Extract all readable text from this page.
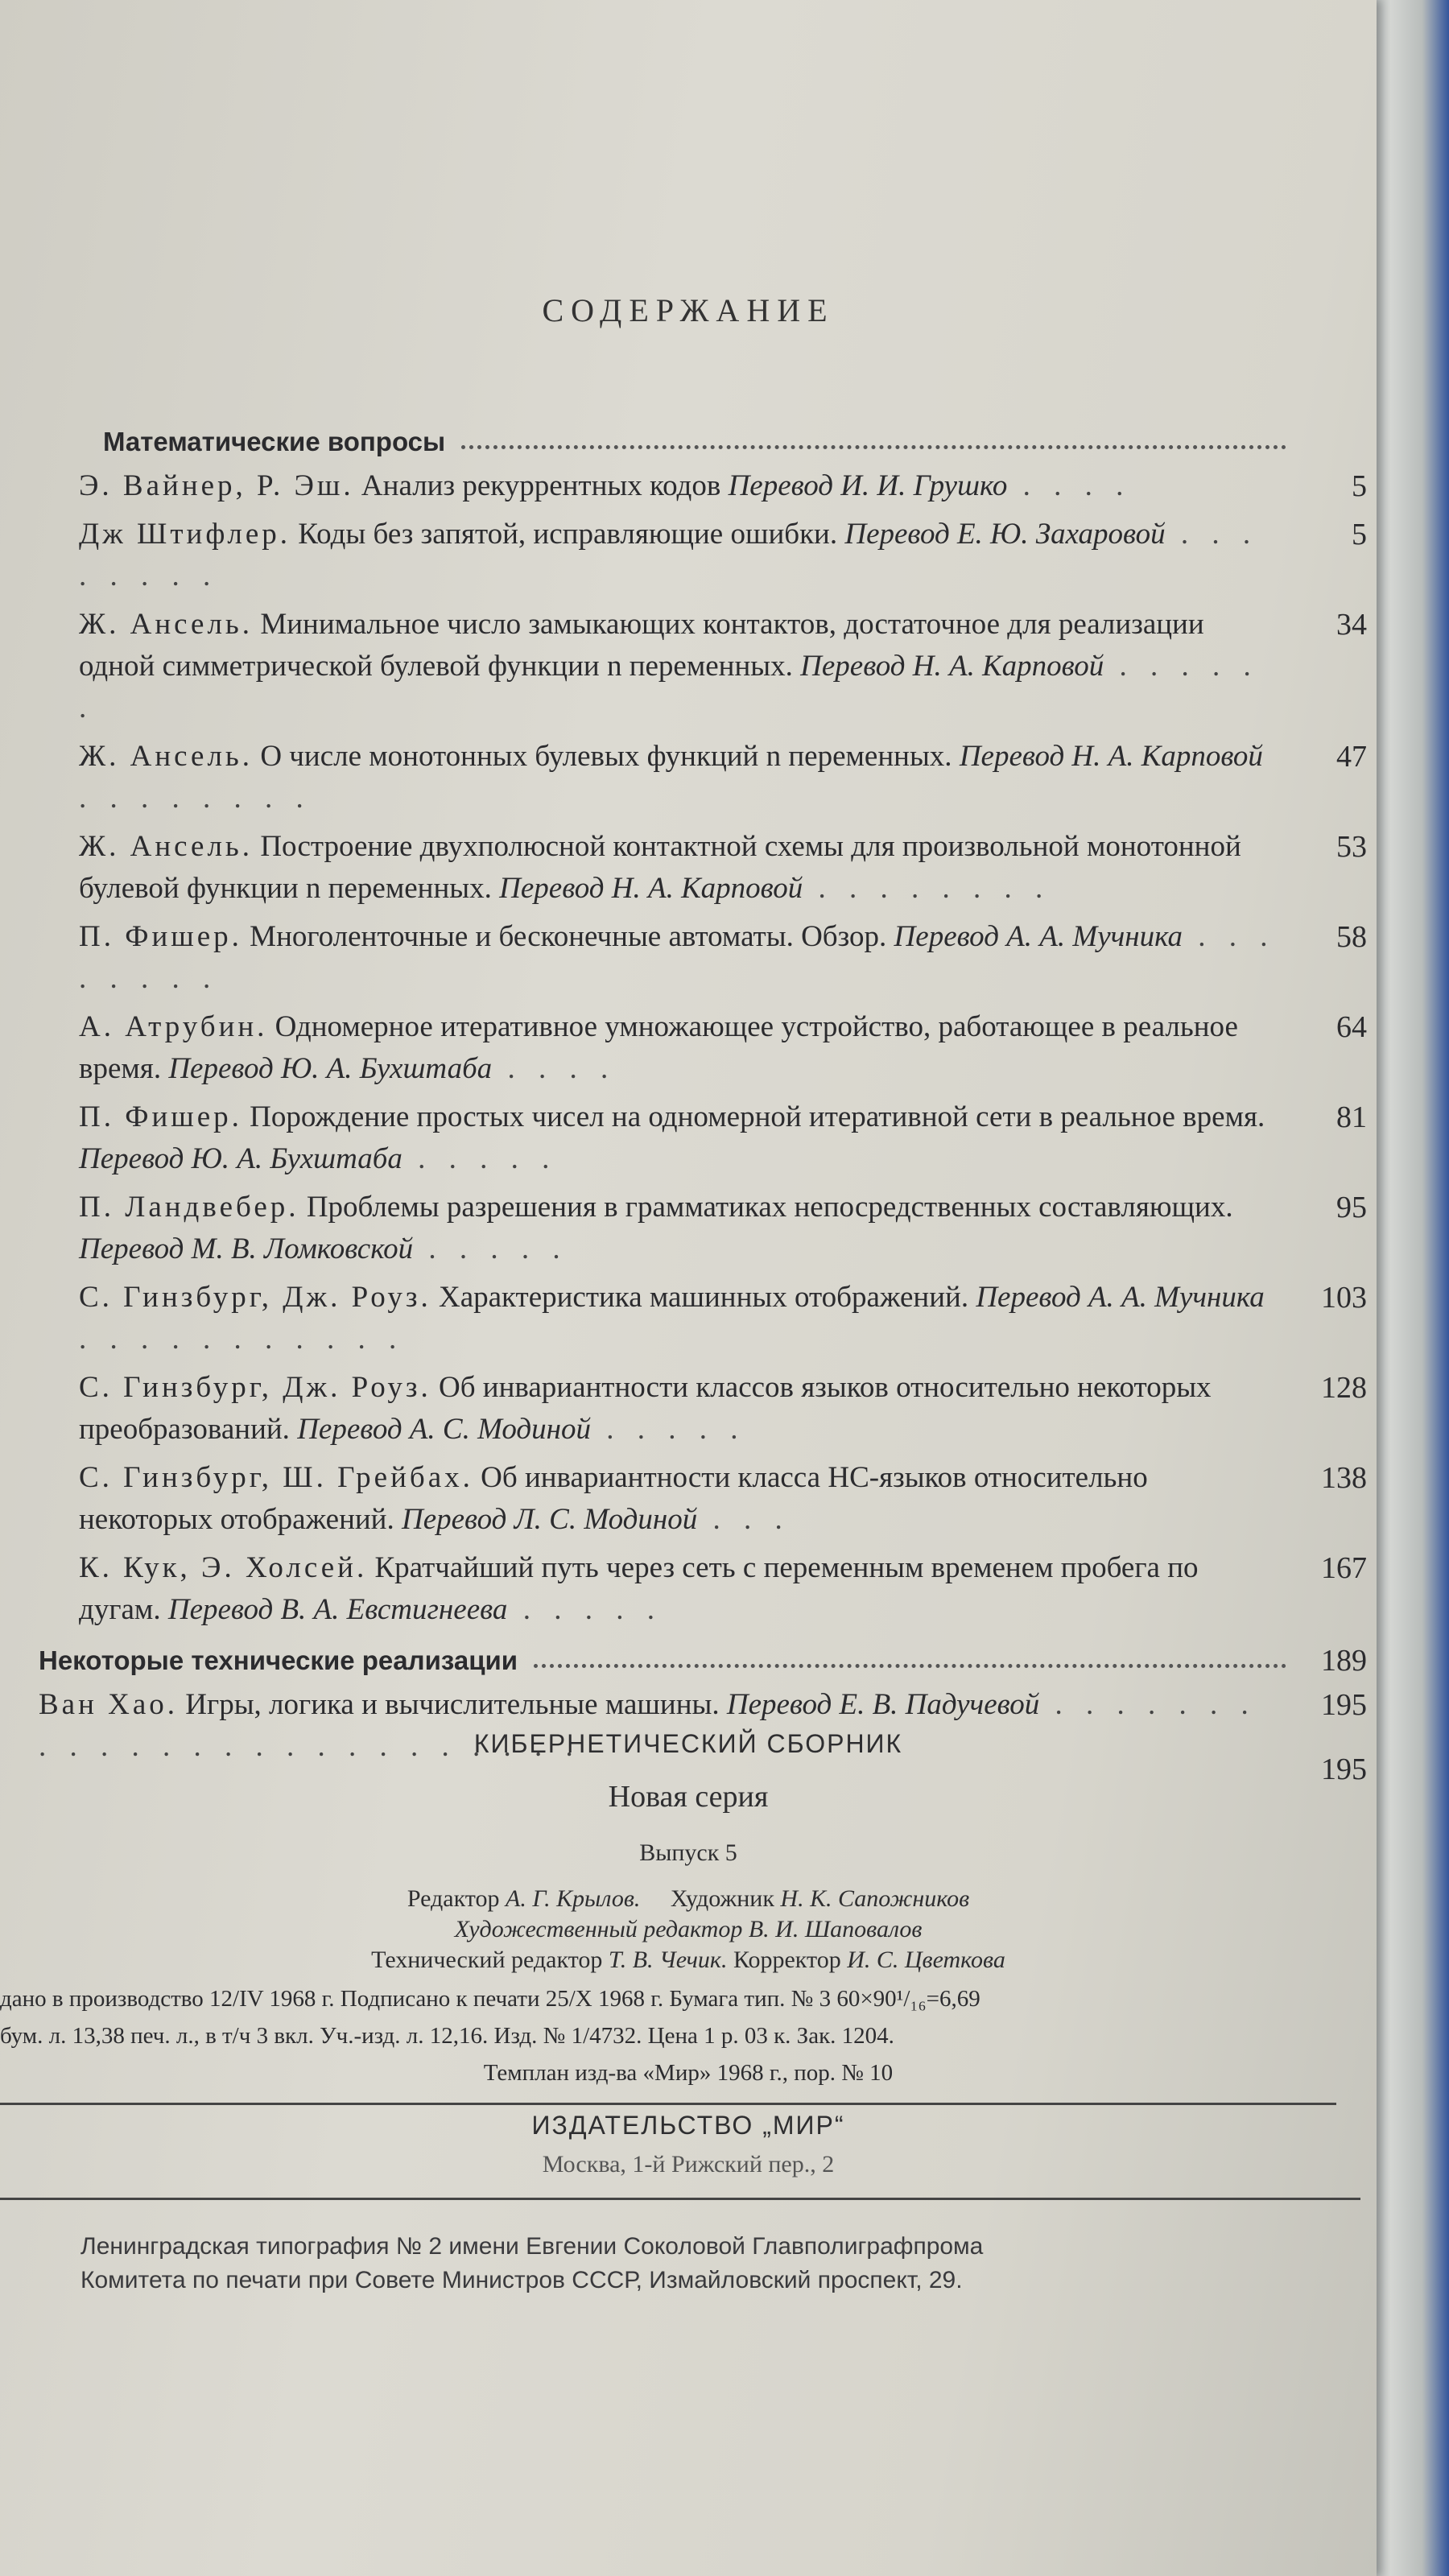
СОДЕРЖАНИЕ
Математические вопросы
Э. Вайнер, Р. Эш. Анализ рекуррентных кодов Перевод И. И. Грушко . . . .	5
Дж Штифлер. Коды без запятой, исправляющие ошибки. Перевод Е. Ю. Захаровой . . . . . . . .
5
Ж. Ансель. Минимальное число замыкающих контактов, достаточное для реализации одной симметрической булевой функции n переменных. Перевод Н. А. Карповой . . . . . .
34
Ж. Ансель. О числе монотонных булевых функций n переменных. Перевод Н. А. Карповой . . . . . . . .
47
Ж. Ансель. Построение двухполюсной контактной схемы для произвольной монотонной булевой функции n переменных. Перевод Н. А. Карповой . . . . . . . .
53
П. Фишер. Многоленточные и бесконечные автоматы. Обзор. Перевод А. А. Мучника . . . . . . . .
58
А. Атрубин. Одномерное итеративное умножающее устройство, работающее в реальное время. Перевод Ю. А. Бухштаба . . . .
64
П. Фишер. Порождение простых чисел на одномерной итеративной сети в реальное время. Перевод Ю. А. Бухштаба . . . . .
81
П. Ландвебер. Проблемы разрешения в грамматиках непосредственных составляющих. Перевод М. В. Ломковской . . . . .
95
С. Гинзбург, Дж. Роуз. Характеристика машинных отображений. Перевод А. А. Мучника . . . . . . . . . . .
103
С. Гинзбург, Дж. Роуз. Об инвариантности классов языков относительно некоторых преобразований. Перевод А. С. Модиной . . . . .
128
С. Гинзбург, Ш. Грейбах. Об инвариантности класса НС-языков относительно некоторых отображений. Перевод Л. С. Модиной . . .
138
К. Кук, Э. Холсей. Кратчайший путь через сеть с переменным временем пробега по дугам. Перевод В. А. Евстигнеева . . . . .
167
Некоторые технические реализации	189
Ван Хао. Игры, логика и вычислительные машины. Перевод Е. В. Падучевой . . . . . . . . . . . . . . . . . . . . . . . . .
195
195
КИБЕРНЕТИЧЕСКИЙ СБОРНИК
Новая серия
Выпуск 5
Редактор А. Г. Крылов. Художник Н. К. Сапожников
Художественный редактор В. И. Шаповалов
Технический редактор Т. В. Чечик. Корректор И. С. Цветкова
дано в производство 12/IV 1968 г. Подписано к печати 25/X 1968 г. Бумага тип. № 3 60×90¹/₁₆=6,69
бум. л. 13,38 печ. л., в т/ч 3 вкл. Уч.-изд. л. 12,16. Изд. № 1/4732. Цена 1 р. 03 к. Зак. 1204.
Темплан изд-ва «Мир» 1968 г., пор. № 10
ИЗДАТЕЛЬСТВО „МИР“
Москва, 1-й Рижский пер., 2
Ленинградская типография № 2 имени Евгении Соколовой Главполиграфпрома
Комитета по печати при Совете Министров СССР, Измайловский проспект, 29.
